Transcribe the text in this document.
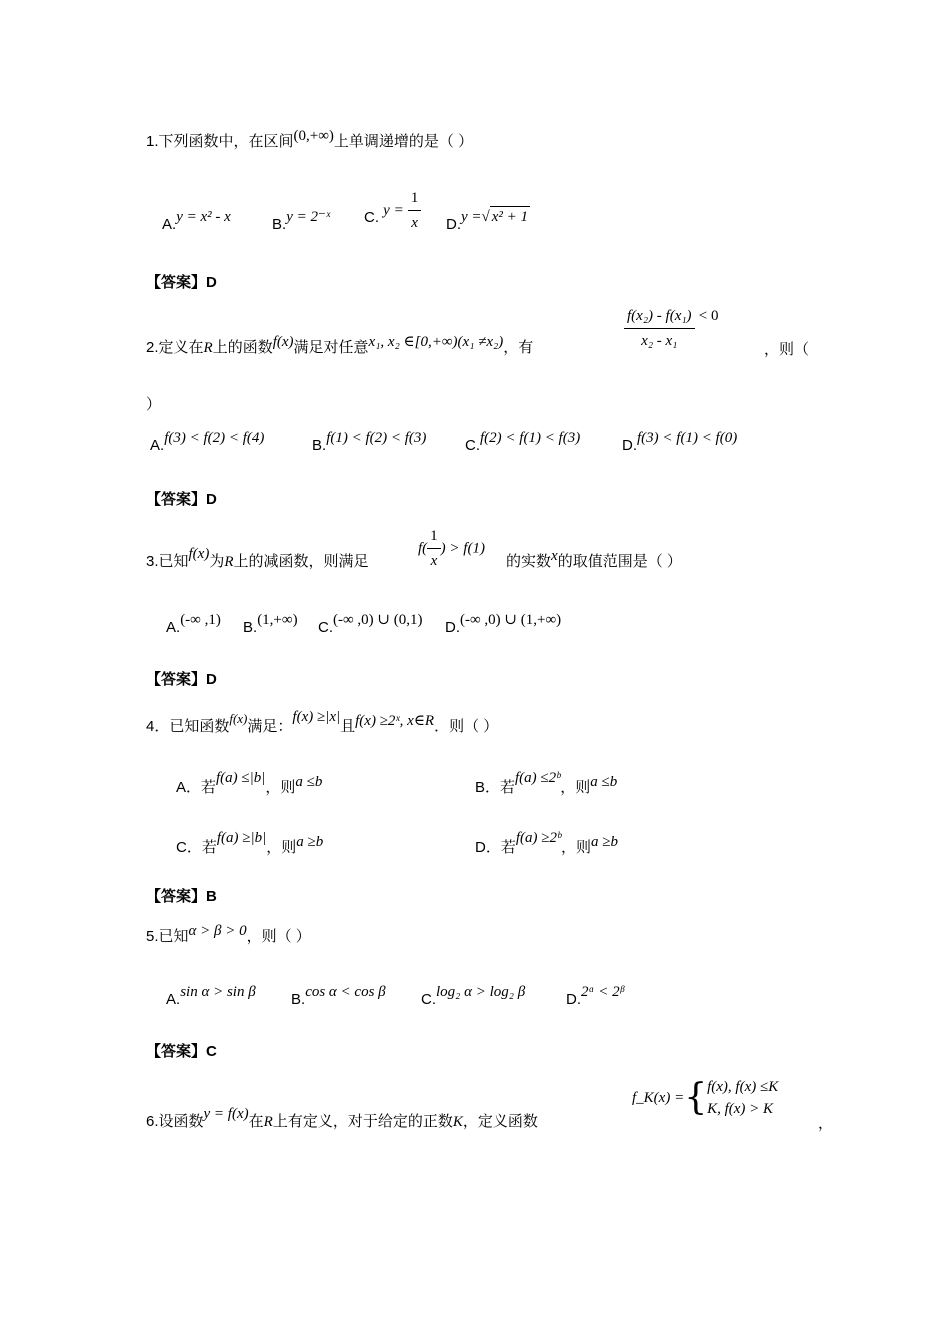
1.下列函数中，在区间(0,+∞)上单调递增的是（ ）
A.y = x² - x	B.y = 2⁻ˣ C. $y = \frac{1}{x} D.y$ =√ x² + 1
【答案】D
2.定义在R上的函数f(x)满足对任意x₁, x₂ ∈[0,+∞)(x₁ ≠x₂)，有	$\frac{\text{f(x₂) - f(x₁)}}{\text{x₂ - x₁}} < 0$
，则（
）
A.f(3) < f(2) < f(4)	B.f(1) < f(2) < f(3)	C.f(2) < f(1) < f(3)	D.f(3) < f(1) < f(0)
【答案】D
3.已知f(x)为R上的减函数，则满足
$f( \frac{1}{x}$ ) > f(1)
的实数x的取值范围是（ ）
A.(-∞ ,1) B.(1,+∞) C.(-∞ ,0) ∪ (0,1) D.(-∞ ,0) ∪ (1,+∞)
【答案】D
4．已知函数f(x)满足：f(x) ≥|x|且f(x) ≥2ˣ, x∈R．则（ ）
A．若f(a) ≤|b|，则a ≤b	B．若f(a) ≤2ᵇ，则a ≤b
C．若f(a) ≥|b|，则a ≥b	D．若f(a) ≥2ᵇ，则a ≥b
【答案】B
5.已知α > β > 0，则（ ）
A.sin α > sin β B.cos α < cos β C.log₂ α > log₂ β	D.2ᵅ < 2ᵝ
【答案】C
6.设函数y = f(x)在R上有定义，对于给定的正数K，定义函数
f_K(x) ={ f(x), f(x) ≤K
K, f(x) > K
，
